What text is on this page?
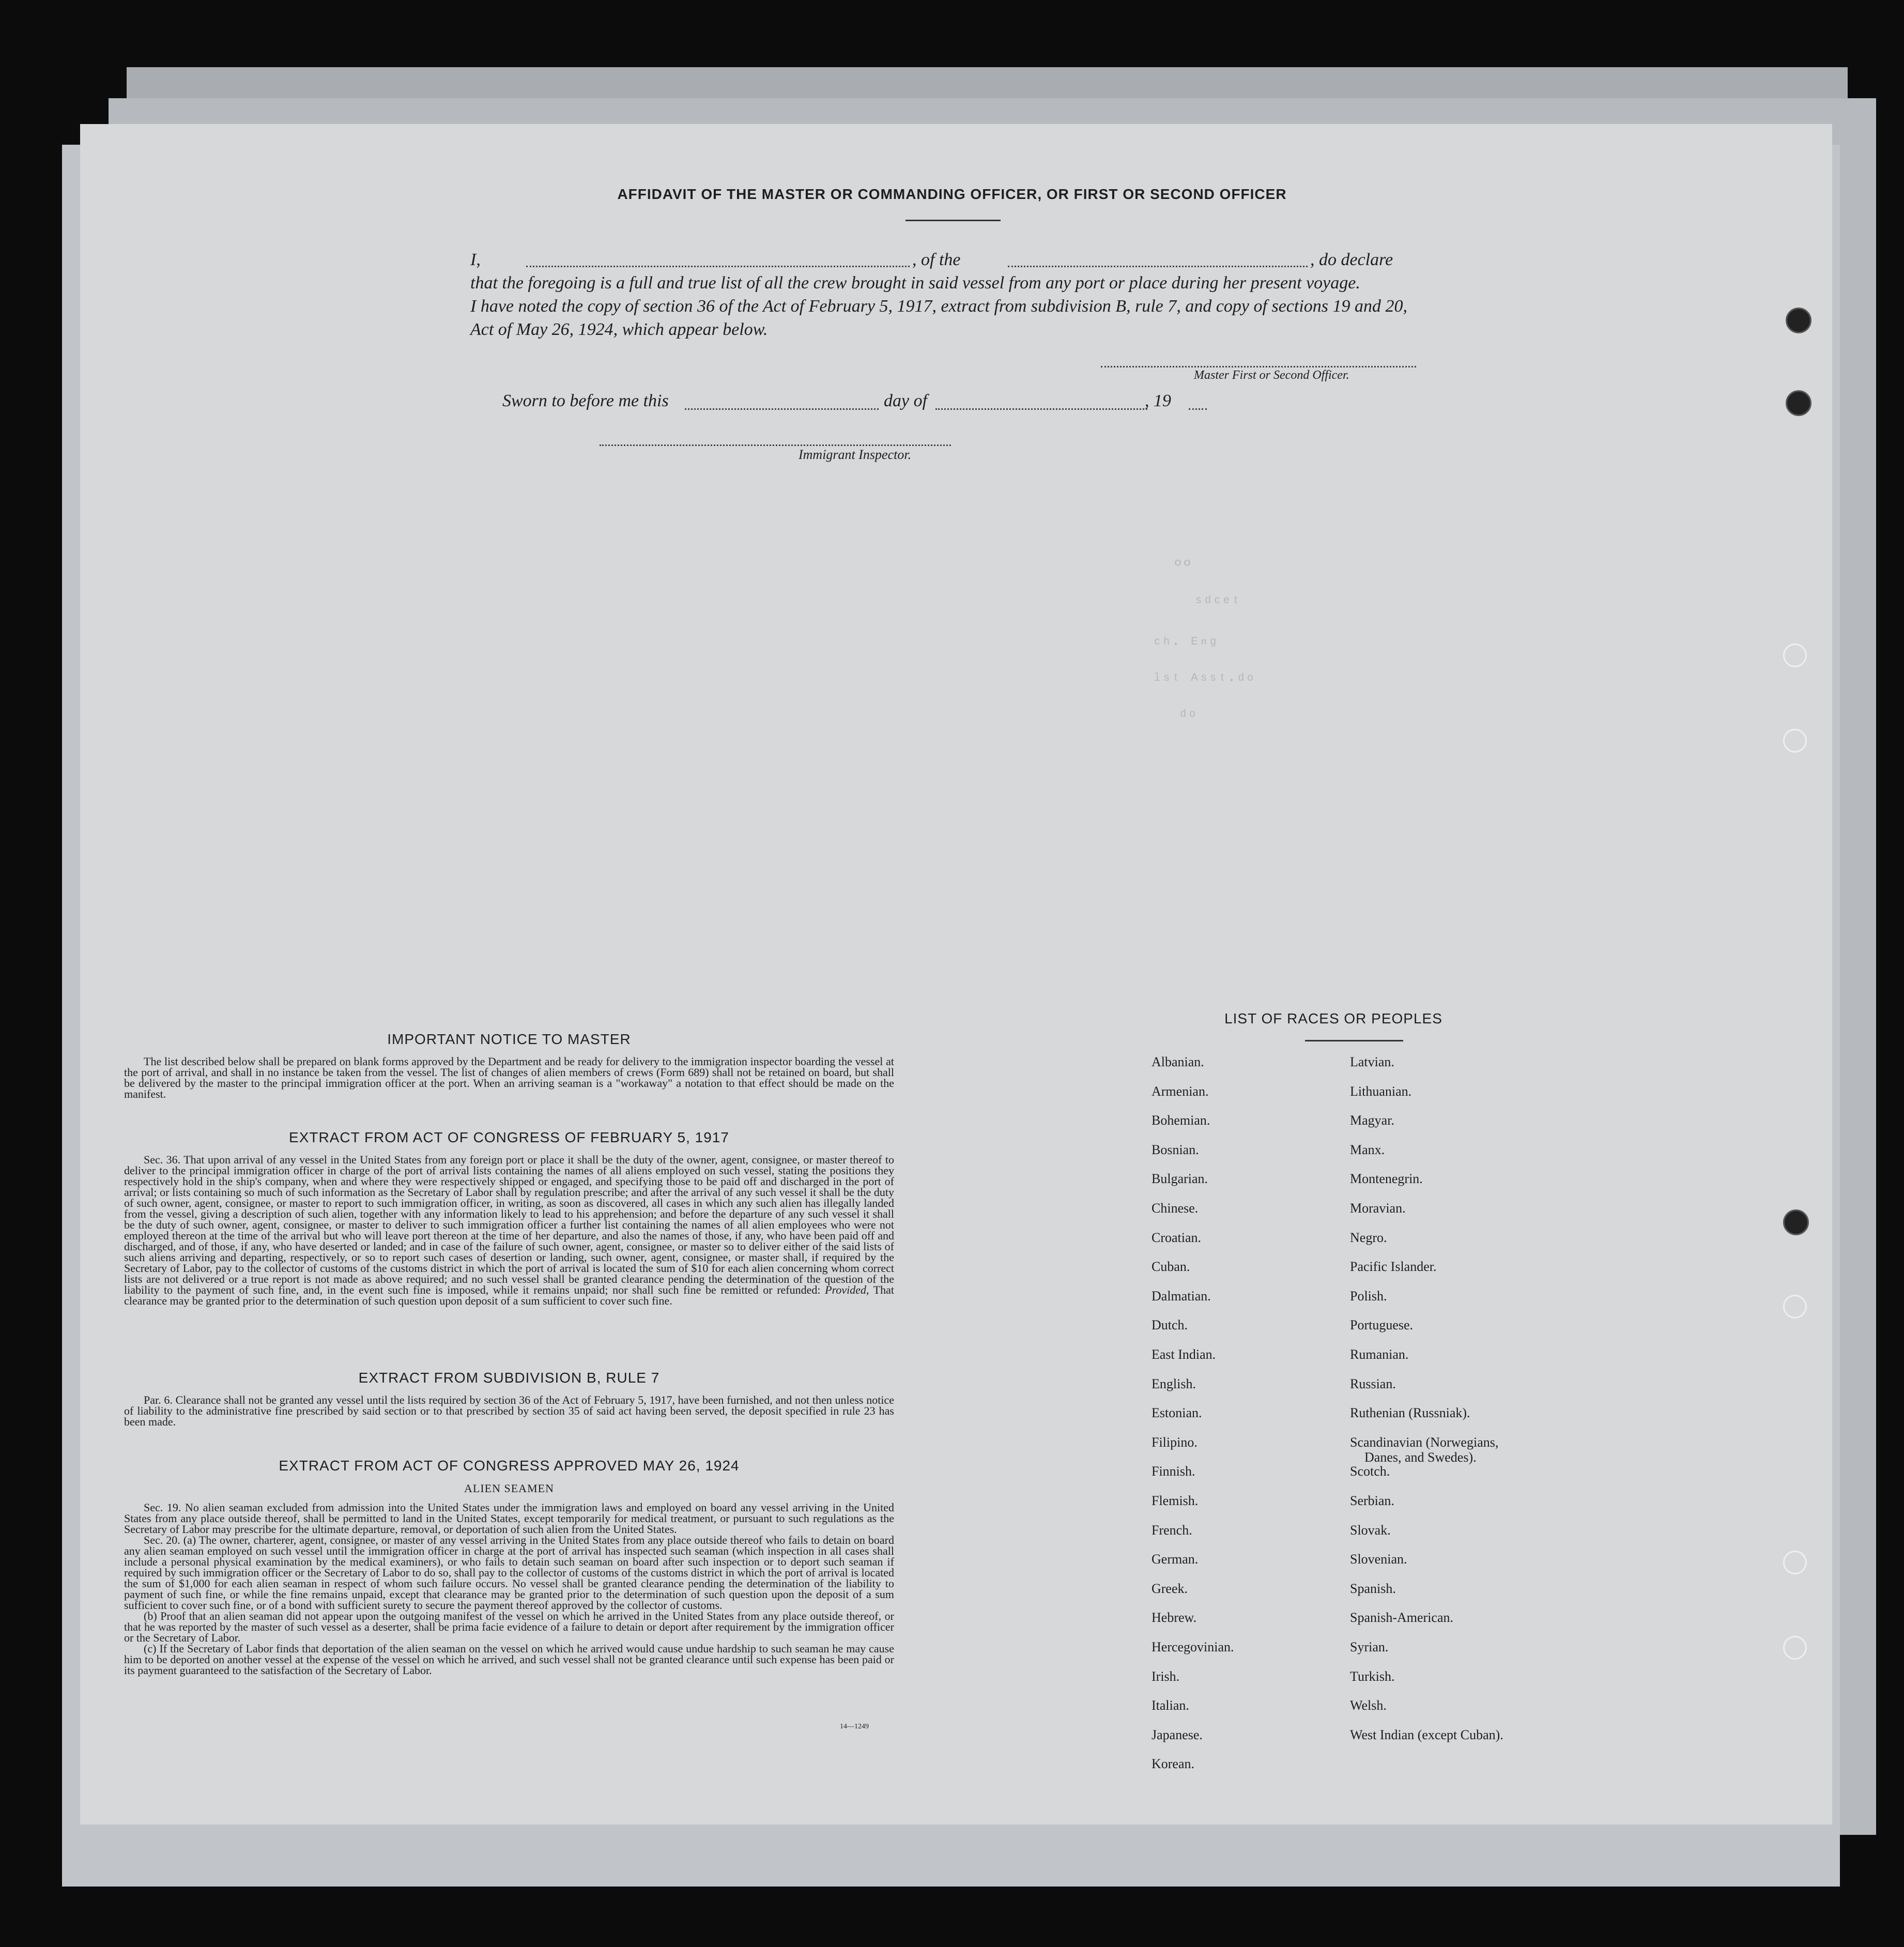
ºº
ˢᵈᶜᵉᵗ
ᶜʰ· ᴱⁿᵍ
ˡˢᵗ ᴬˢˢᵗ·ᵈᵒ
ᵈᵒ
AFFIDAVIT OF THE MASTER OR COMMANDING OFFICER, OR FIRST OR SECOND OFFICER
I,	, of the	, do declare
that the foregoing is a full and true list of all the crew brought in said vessel from any port or place during her present voyage.
I have noted the copy of section 36 of the Act of February 5, 1917, extract from subdivision B, rule 7, and copy of sections 19 and 20,
Act of May 26, 1924, which appear below.
Master First or Second Officer.
Sworn to before me this	day of	, 19
Immigrant Inspector.
IMPORTANT NOTICE TO MASTER

The list described below shall be prepared on blank forms approved by the Department and be ready for delivery to the immigration inspector boarding the vessel at the port of arrival, and shall in no instance be taken from the vessel. The list of changes of alien members of crews (Form 689) shall not be retained on board, but shall be delivered by the master to the principal immigration officer at the port. When an arriving seaman is a "workaway" a notation to that effect should be made on the manifest.

EXTRACT FROM ACT OF CONGRESS OF FEBRUARY 5, 1917

Sec. 36. That upon arrival of any vessel in the United States from any foreign port or place it shall be the duty of the owner, agent, consignee, or master thereof to deliver to the principal immigration officer in charge of the port of arrival lists containing the names of all aliens employed on such vessel, stating the positions they respectively hold in the ship's company, when and where they were respectively shipped or engaged, and specifying those to be paid off and discharged in the port of arrival; or lists containing so much of such information as the Secretary of Labor shall by regulation prescribe; and after the arrival of any such vessel it shall be the duty of such owner, agent, consignee, or master to report to such immigration officer, in writing, as soon as discovered, all cases in which any such alien has illegally landed from the vessel, giving a description of such alien, together with any information likely to lead to his apprehension; and before the departure of any such vessel it shall be the duty of such owner, agent, consignee, or master to deliver to such immigration officer a further list containing the names of all alien employees who were not employed thereon at the time of the arrival but who will leave port thereon at the time of her departure, and also the names of those, if any, who have been paid off and discharged, and of those, if any, who have deserted or landed; and in case of the failure of such owner, agent, consignee, or master so to deliver either of the said lists of such aliens arriving and departing, respectively, or so to report such cases of desertion or landing, such owner, agent, consignee, or master shall, if required by the Secretary of Labor, pay to the collector of customs of the customs district in which the port of arrival is located the sum of $10 for each alien concerning whom correct lists are not delivered or a true report is not made as above required; and no such vessel shall be granted clearance pending the determination of the question of the liability to the payment of such fine, and, in the event such fine is imposed, while it remains unpaid; nor shall such fine be remitted or refunded: Provided, That clearance may be granted prior to the determination of such question upon deposit of a sum sufficient to cover such fine.

EXTRACT FROM SUBDIVISION B, RULE 7

Par. 6. Clearance shall not be granted any vessel until the lists required by section 36 of the Act of February 5, 1917, have been furnished, and not then unless notice of liability to the administrative fine prescribed by said section or to that prescribed by section 35 of said act having been served, the deposit specified in rule 23 has been made.

EXTRACT FROM ACT OF CONGRESS APPROVED MAY 26, 1924
ALIEN SEAMEN

Sec. 19. No alien seaman excluded from admission into the United States under the immigration laws and employed on board any vessel arriving in the United States from any place outside thereof, shall be permitted to land in the United States, except temporarily for medical treatment, or pursuant to such regulations as the Secretary of Labor may prescribe for the ultimate departure, removal, or deportation of such alien from the United States.

Sec. 20. (a) The owner, charterer, agent, consignee, or master of any vessel arriving in the United States from any place outside thereof who fails to detain on board any alien seaman employed on such vessel until the immigration officer in charge at the port of arrival has inspected such seaman (which inspection in all cases shall include a personal physical examination by the medical examiners), or who fails to detain such seaman on board after such inspection or to deport such seaman if required by such immigration officer or the Secretary of Labor to do so, shall pay to the collector of customs of the customs district in which the port of arrival is located the sum of $1,000 for each alien seaman in respect of whom such failure occurs. No vessel shall be granted clearance pending the determination of the liability to payment of such fine, or while the fine remains unpaid, except that clearance may be granted prior to the determination of such question upon the deposit of a sum sufficient to cover such fine, or of a bond with sufficient surety to secure the payment thereof approved by the collector of customs.

(b) Proof that an alien seaman did not appear upon the outgoing manifest of the vessel on which he arrived in the United States from any place outside thereof, or that he was reported by the master of such vessel as a deserter, shall be prima facie evidence of a failure to detain or deport after requirement by the immigration officer or the Secretary of Labor.

(c) If the Secretary of Labor finds that deportation of the alien seaman on the vessel on which he arrived would cause undue hardship to such seaman he may cause him to be deported on another vessel at the expense of the vessel on which he arrived, and such vessel shall not be granted clearance until such expense has been paid or its payment guaranteed to the satisfaction of the Secretary of Labor.

14—1249
LIST OF RACES OR PEOPLES
Albanian.
Armenian.
Bohemian.
Bosnian.
Bulgarian.
Chinese.
Croatian.
Cuban.
Dalmatian.
Dutch.
East Indian.
English.
Estonian.
Filipino.
Finnish.
Flemish.
French.
German.
Greek.
Hebrew.
Hercegovinian.
Irish.
Italian.
Japanese.
Korean.
Latvian.
Lithuanian.
Magyar.
Manx.
Montenegrin.
Moravian.
Negro.
Pacific Islander.
Polish.
Portuguese.
Rumanian.
Russian.
Ruthenian (Russniak).
Scandinavian (Norwegians,
Danes, and Swedes).
Scotch.
Serbian.
Slovak.
Slovenian.
Spanish.
Spanish-American.
Syrian.
Turkish.
Welsh.
West Indian (except Cuban).
